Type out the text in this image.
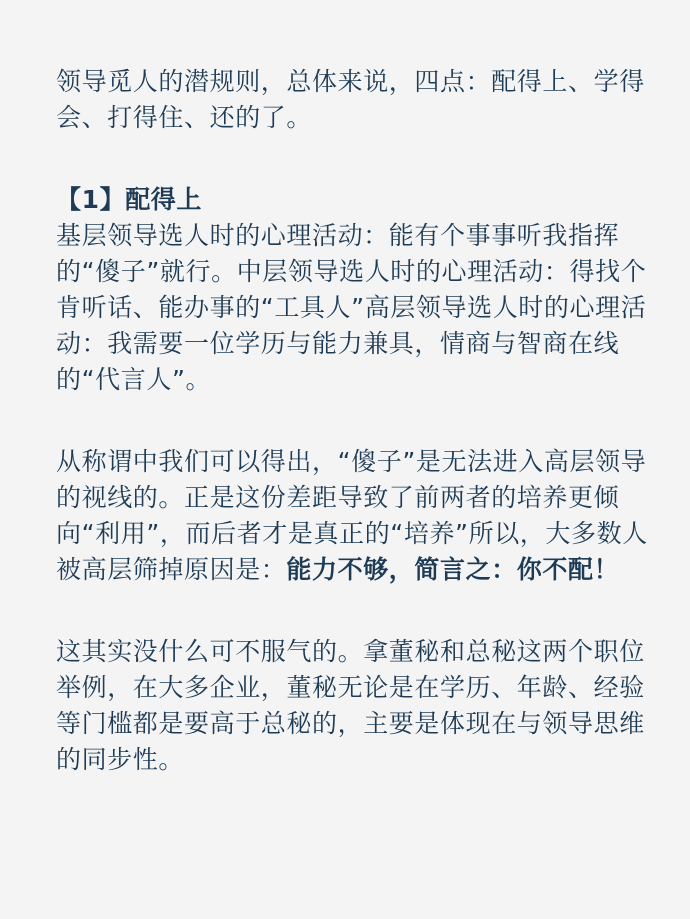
领导觅人的潜规则，总体来说，四点：配得上、学得会、打得住、还的了。

【1】配得上

基层领导选人时的心理活动：能有个事事听我指挥的“傻子”就行。中层领导选人时的心理活动：得找个肯听话、能办事的“工具人”高层领导选人时的心理活动：我需要一位学历与能力兼具，情商与智商在线的“代言人”。

从称谓中我们可以得出，“傻子”是无法进入高层领导的视线的。正是这份差距导致了前两者的培养更倾向“利用”，而后者才是真正的“培养”所以，大多数人被高层筛掉原因是：能力不够，简言之：你不配！

这其实没什么可不服气的。拿董秘和总秘这两个职位举例，在大多企业，董秘无论是在学历、年龄、经验等门槛都是要高于总秘的，主要是体现在与领导思维的同步性。
